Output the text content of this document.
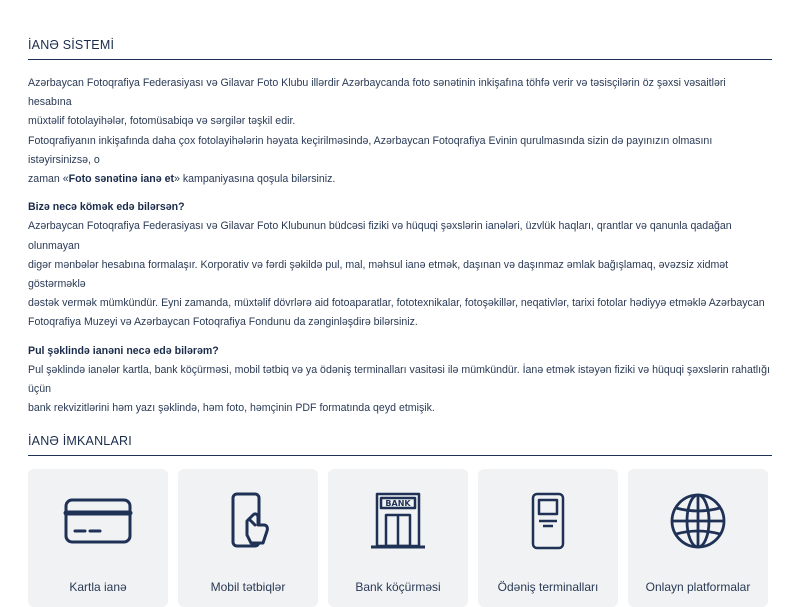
İANƏ SİSTEMİ

Azərbaycan Fotoqrafiya Federasiyası və Gilavar Foto Klubu illərdir Azərbaycanda foto sənətinin inkişafına töhfə verir və təsisçilərin öz şəxsi vəsaitləri hesabına

müxtəlif fotolayihələr, fotomüsabiqə və sərgilər təşkil edir.

Fotoqrafiyanın inkişafında daha çox fotolayihələrin həyata keçirilməsində, Azərbaycan Fotoqrafiya Evinin qurulmasında sizin də payınızın olmasını istəyirsinizsə, o

zaman «Foto sənətinə ianə et» kampaniyasına qoşula bilərsiniz.

Bizə necə kömək edə bilərsən?

Azərbaycan Fotoqrafiya Federasiyası və Gilavar Foto Klubunun büdcəsi fiziki və hüquqi şəxslərin ianələri, üzvlük haqları, qrantlar və qanunla qadağan olunmayan

digər mənbələr hesabına formalaşır. Korporativ və fərdi şəkildə pul, mal, məhsul ianə etmək, daşınan və daşınmaz əmlak bağışlamaq, əvəzsiz xidmət göstərməklə

dəstək vermək mümkündür. Eyni zamanda, müxtəlif dövrlərə aid fotoaparatlar, fototexnikalar, fotoşəkillər, neqativlər, tarixi fotolar hədiyyə etməklə Azərbaycan

Fotoqrafiya Muzeyi və Azərbaycan Fotoqrafiya Fondunu da zənginləşdirə bilərsiniz.

Pul şəklində ianəni necə edə bilərəm?

Pul şəklində ianələr kartla, bank köçürməsi, mobil tətbiq və ya ödəniş terminalları vasitəsi ilə mümkündür. İanə etmək istəyən fiziki və hüquqi şəxslərin rahatlığı üçün

bank rekvizitlərini həm yazı şəklində, həm foto, həmçinin PDF formatında qeyd etmişik.

İANƏ İMKANLARI
Kartla ianə	Mobil tətbiqlər
BANK
Bank köçürməsi	Ödəniş terminalları	Onlayn platformalar
